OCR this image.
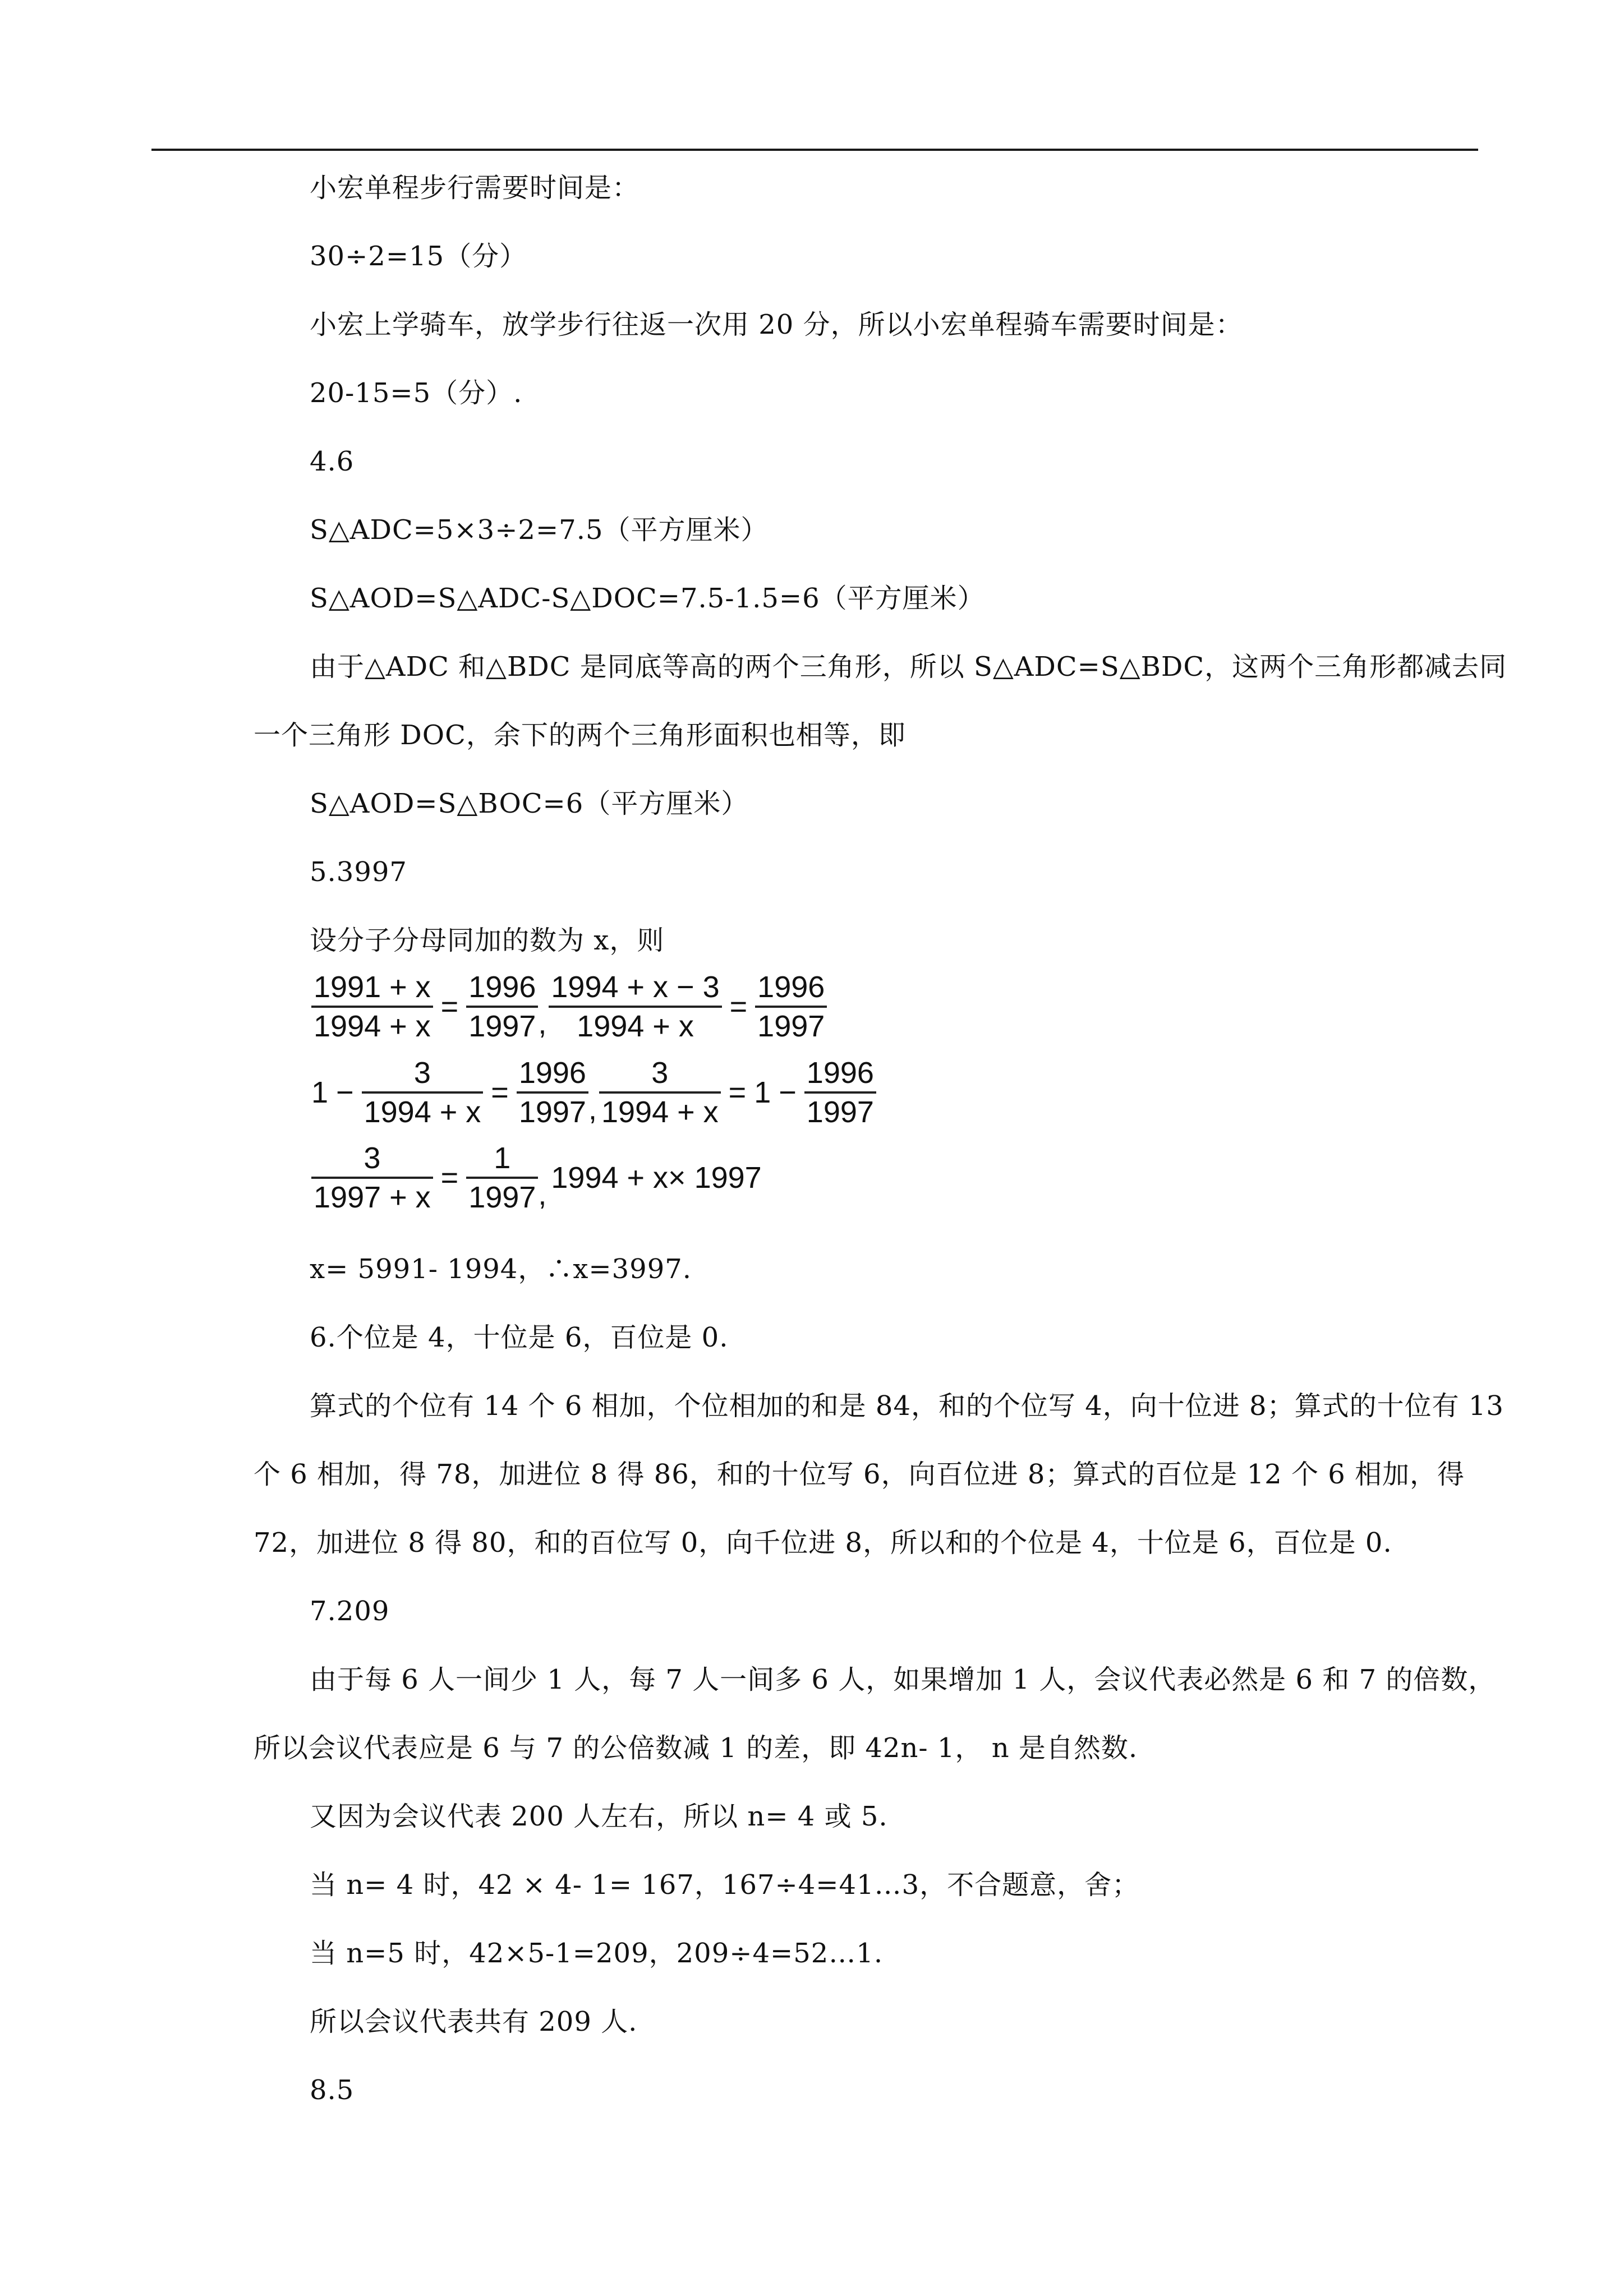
小宏单程步行需要时间是：
30÷2=15（分）
小宏上学骑车，放学步行往返一次用 20 分，所以小宏单程骑车需要时间是：
20-15=5（分）.
4.6
S△ADC=5×3÷2=7.5（平方厘米）
S△AOD=S△ADC-S△DOC=7.5-1.5=6（平方厘米）
由于△ADC 和△BDC 是同底等高的两个三角形，所以 S△ADC=S△BDC，这两个三角形都减去同
一个三角形 DOC，余下的两个三角形面积也相等，即
S△AOD=S△BOC=6（平方厘米）
5.3997
设分子分母同加的数为 x，则
$\frac{1991 + x}{1994 + x} = \frac{1996}{1997}$ , $\frac{1994 + x - 3}{1994 + x} = \frac{1996}{1997}$
$1 - \frac{3}{1994 + x} = \frac{1996}{1997}$ , $\frac{3}{1994 + x} = 1 - \frac{1996}{1997}$
$\frac{3}{1997 + x} = \frac{1}{1997}$ , 1994 + x× 1997
x= 5991- 1994，∴x=3997.
6.个位是 4，十位是 6，百位是 0.
算式的个位有 14 个 6 相加，个位相加的和是 84，和的个位写 4，向十位进 8；算式的十位有 13
个 6 相加，得 78，加进位 8 得 86，和的十位写 6，向百位进 8；算式的百位是 12 个 6 相加，得
72，加进位 8 得 80，和的百位写 0，向千位进 8，所以和的个位是 4，十位是 6，百位是 0.
7.209
由于每 6 人一间少 1 人，每 7 人一间多 6 人，如果增加 1 人，会议代表必然是 6 和 7 的倍数，
所以会议代表应是 6 与 7 的公倍数减 1 的差，即 42n- 1， n 是自然数.
又因为会议代表 200 人左右，所以 n= 4 或 5.
当 n= 4 时，42 × 4- 1= 167，167÷4=41…3，不合题意，舍；
当 n=5 时，42×5-1=209，209÷4=52…1.
所以会议代表共有 209 人.
8.5
